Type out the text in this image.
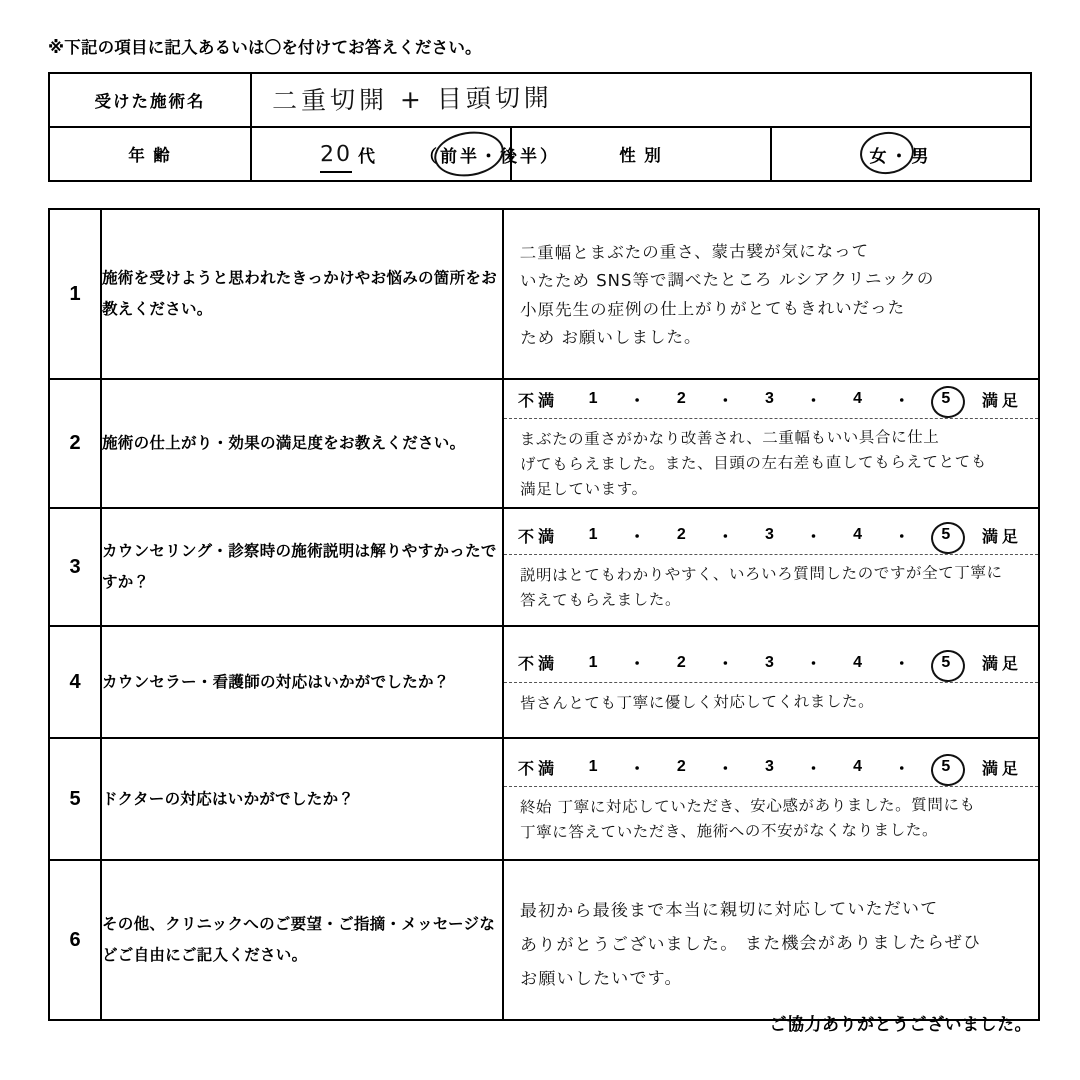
※下記の項目に記入あるいは〇を付けてお答えください。
受けた施術名	二重切開 + 目頭切開		
年 齢	20 代 （前半・後半）	性 別	女・男
1	施術を受けようと思われたきっかけやお悩みの箇所をお教えください。	二重幅とまぶたの重さ、蒙古襞が気になって
いたため SNS等で調べたところ ルシアクリニックの
小原先生の症例の仕上がりがとてもきれいだった
ため お願いしました。

2	施術の仕上がり・効果の満足度をお教えください。	
不満	1	・	2	・	3	・	4	・	5	満足
まぶたの重さがかなり改善され、二重幅もいい具合に仕上
げてもらえました。また、目頭の左右差も直してもらえてとても
満足しています。

3	カウンセリング・診察時の施術説明は解りやすかったですか？	
不満	1	・	2	・	3	・	4	・	5	満足
説明はとてもわかりやすく、いろいろ質問したのですが全て丁寧に
答えてもらえました。

4	カウンセラー・看護師の対応はいかがでしたか？	
不満	1	・	2	・	3	・	4	・	5	満足
皆さんとても丁寧に優しく対応してくれました。

5	ドクターの対応はいかがでしたか？	
不満	1	・	2	・	3	・	4	・	5	満足
終始 丁寧に対応していただき、安心感がありました。質問にも
丁寧に答えていただき、施術への不安がなくなりました。

6	その他、クリニックへのご要望・ご指摘・メッセージなどご自由にご記入ください。	最初から最後まで本当に親切に対応していただいて
ありがとうございました。 また機会がありましたらぜひ
お願いしたいです。
ご協力ありがとうございました。
